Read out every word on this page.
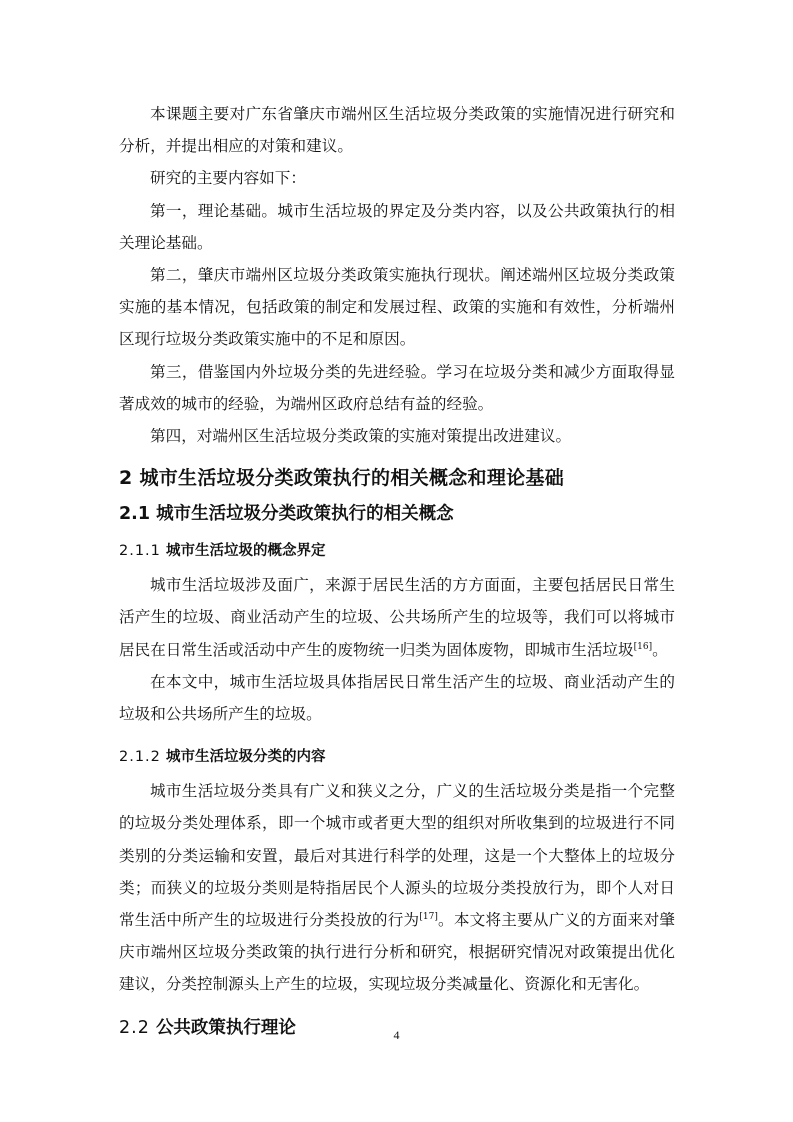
本课题主要对广东省肇庆市端州区生活垃圾分类政策的实施情况进行研究和分析，并提出相应的对策和建议。

研究的主要内容如下：

第一，理论基础。城市生活垃圾的界定及分类内容，以及公共政策执行的相关理论基础。

第二，肇庆市端州区垃圾分类政策实施执行现状。阐述端州区垃圾分类政策实施的基本情况，包括政策的制定和发展过程、政策的实施和有效性，分析端州区现行垃圾分类政策实施中的不足和原因。

第三，借鉴国内外垃圾分类的先进经验。学习在垃圾分类和减少方面取得显著成效的城市的经验，为端州区政府总结有益的经验。

第四，对端州区生活垃圾分类政策的实施对策提出改进建议。

2 城市生活垃圾分类政策执行的相关概念和理论基础
2.1 城市生活垃圾分类政策执行的相关概念
2.1.1 城市生活垃圾的概念界定

城市生活垃圾涉及面广，来源于居民生活的方方面面，主要包括居民日常生活产生的垃圾、商业活动产生的垃圾、公共场所产生的垃圾等，我们可以将城市居民在日常生活或活动中产生的废物统一归类为固体废物，即城市生活垃圾[16]。

在本文中，城市生活垃圾具体指居民日常生活产生的垃圾、商业活动产生的垃圾和公共场所产生的垃圾。

2.1.2 城市生活垃圾分类的内容

城市生活垃圾分类具有广义和狭义之分，广义的生活垃圾分类是指一个完整的垃圾分类处理体系，即一个城市或者更大型的组织对所收集到的垃圾进行不同类别的分类运输和安置，最后对其进行科学的处理，这是一个大整体上的垃圾分类；而狭义的垃圾分类则是特指居民个人源头的垃圾分类投放行为，即个人对日常生活中所产生的垃圾进行分类投放的行为[17]。本文将主要从广义的方面来对肇庆市端州区垃圾分类政策的执行进行分析和研究，根据研究情况对政策提出优化建议，分类控制源头上产生的垃圾，实现垃圾分类减量化、资源化和无害化。

2.2 公共政策执行理论	4
